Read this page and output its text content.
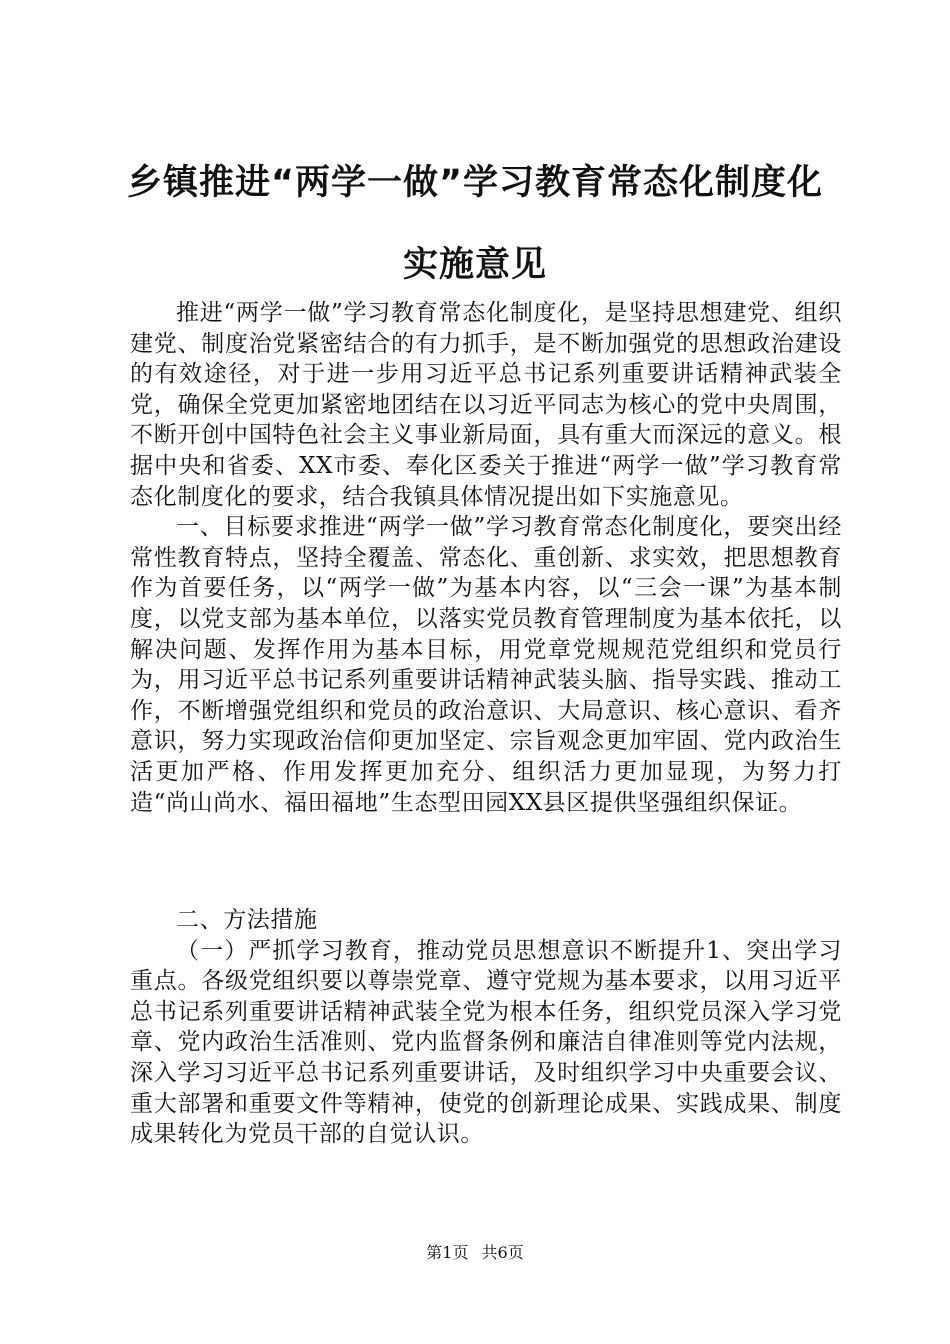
乡镇推进“两学一做”学习教育常态化制度化
实施意见

推进“两学一做”学习教育常态化制度化，是坚持思想建党、组织建党、制度治党紧密结合的有力抓手，是不断加强党的思想政治建设的有效途径，对于进一步用习近平总书记系列重要讲话精神武装全党，确保全党更加紧密地团结在以习近平同志为核心的党中央周围，不断开创中国特色社会主义事业新局面，具有重大而深远的意义。根据中央和省委、XX市委、奉化区委关于推进“两学一做”学习教育常态化制度化的要求，结合我镇具体情况提出如下实施意见。

一、目标要求推进“两学一做”学习教育常态化制度化，要突出经常性教育特点，坚持全覆盖、常态化、重创新、求实效，把思想教育作为首要任务，以“两学一做”为基本内容，以“三会一课”为基本制度，以党支部为基本单位，以落实党员教育管理制度为基本依托，以解决问题、发挥作用为基本目标，用党章党规规范党组织和党员行为，用习近平总书记系列重要讲话精神武装头脑、指导实践、推动工作，不断增强党组织和党员的政治意识、大局意识、核心意识、看齐意识，努力实现政治信仰更加坚定、宗旨观念更加牢固、党内政治生活更加严格、作用发挥更加充分、组织活力更加显现，为努力打造“尚山尚水、福田福地”生态型田园XX县区提供坚强组织保证。

二、方法措施

（一）严抓学习教育，推动党员思想意识不断提升1、突出学习重点。各级党组织要以尊崇党章、遵守党规为基本要求，以用习近平总书记系列重要讲话精神武装全党为根本任务，组织党员深入学习党章、党内政治生活准则、党内监督条例和廉洁自律准则等党内法规，深入学习习近平总书记系列重要讲话，及时组织学习中央重要会议、重大部署和重要文件等精神，使党的创新理论成果、实践成果、制度成果转化为党员干部的自觉认识。

第1页 共6页
